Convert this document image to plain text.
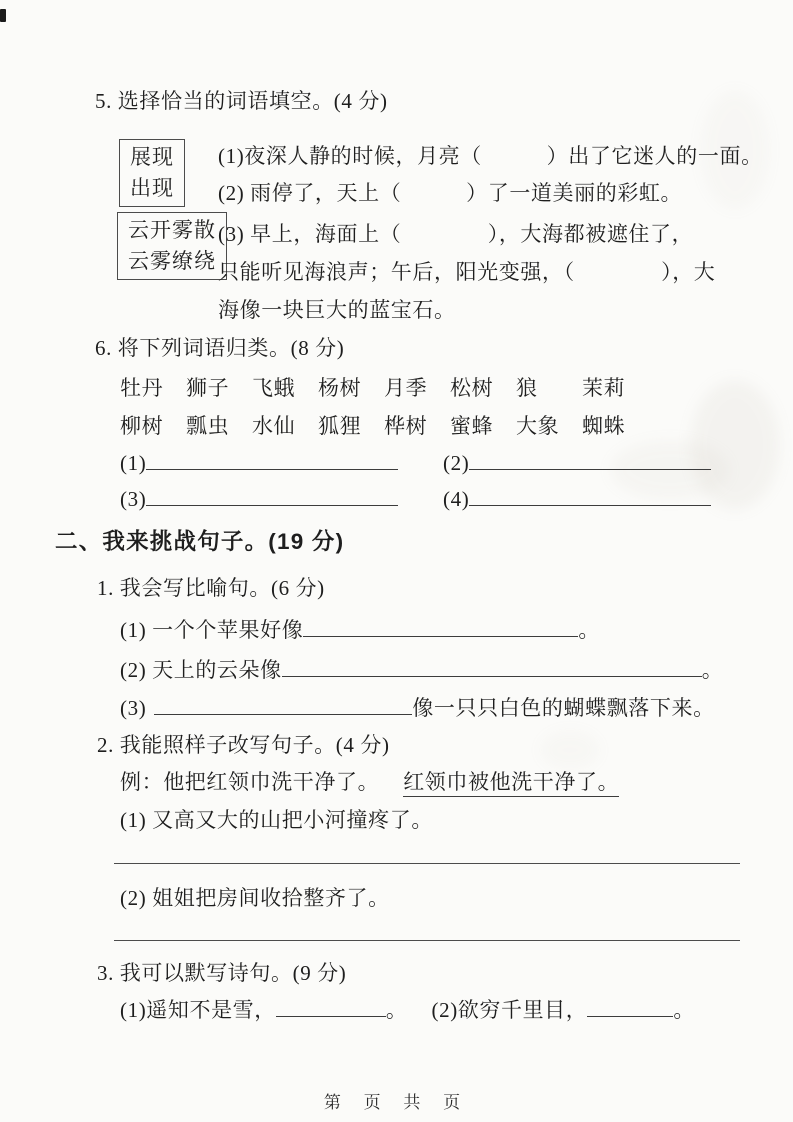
5. 选择恰当的词语填空。(4 分)
展现
出现
(1)夜深人静的时候，月亮（　　　）出了它迷人的一面。
(2) 雨停了，天上（　　　）了一道美丽的彩虹。
云开雾散
云雾缭绕
(3) 早上，海面上（　　　　），大海都被遮住了，
只能听见海浪声；午后，阳光变强，（　　　　），大
海像一块巨大的蓝宝石。
6. 将下列词语归类。(8 分)
牡丹 狮子 飞蛾 杨树 月季 松树 狼 茉莉
柳树 瓢虫 水仙 狐狸 桦树 蜜蜂 大象 蜘蛛
(1)	(2)
(3)	(4)
二、我来挑战句子。(19 分)
1. 我会写比喻句。(6 分)
(1) 一个个苹果好像	。
(2) 天上的云朵像	。
(3)	像一只只白色的蝴蝶飘落下来。
2. 我能照样子改写句子。(4 分)
例：他把红领巾洗干净了。 红领巾被他洗干净了。
(1) 又高又大的山把小河撞疼了。
(2) 姐姐把房间收拾整齐了。
3. 我可以默写诗句。(9 分)
(1)遥知不是雪，	。 (2)欲穷千里目，	。
第 页 共 页
